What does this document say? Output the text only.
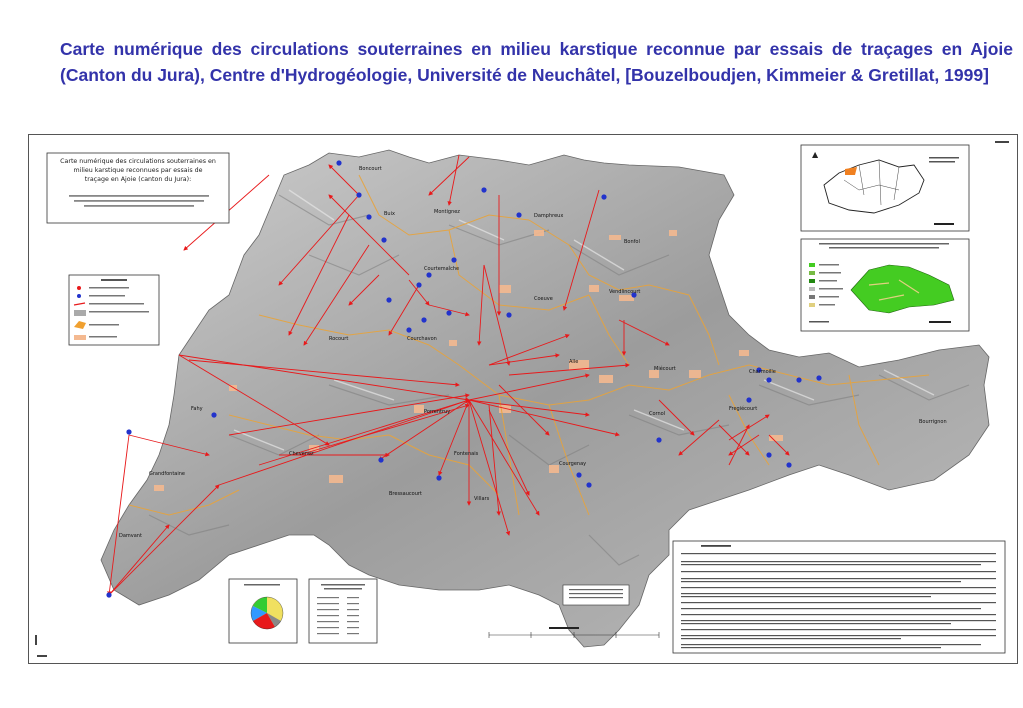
Carte numérique des circulations souterraines en milieu karstique reconnue par essais de traçages en Ajoie (Canton du Jura), Centre d'Hydrogéologie, Université de Neuchâtel, [Bouzelboudjen, Kimmeier & Gretillat, 1999]
Boncourt
Buix	Montignez
Damphreux
Bonfol
Courtemaîche
Coeuve
Vendlincourt
Courchavon
Rocourt
Alle
Miécourt	Charmoille
Porrentruy	Cornol
Fregiécourt
Fahy
Chevenez	Fontenais
Courgenay
Grandfontaine
Bressaucourt
Villars
Damvant
Bourrignon
Carte numérique des circulations souterraines en
milieu karstique reconnues par essais de
traçage en Ajoie (canton du Jura):
▲
